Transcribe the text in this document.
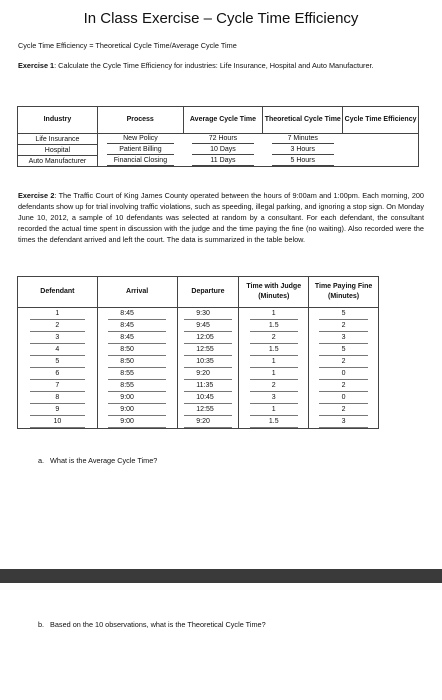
In Class Exercise – Cycle Time Efficiency
Cycle Time Efficiency = Theoretical Cycle Time/Average Cycle Time
Exercise 1: Calculate the Cycle Time Efficiency for industries: Life Insurance, Hospital and Auto Manufacturer.
Industry	Process	Average Cycle Time	Theoretical Cycle Time	Cycle Time Efficiency
Life Insurance	New Policy	72 Hours	7 Minutes	
Hospital	Patient Billing	10 Days	3 Hours	
Auto Manufacturer	Financial Closing	11 Days	5 Hours	
Exercise 2: The Traffic Court of King James County operated between the hours of 9:00am and 1:00pm. Each morning, 200 defendants show up for trial involving traffic violations, such as speeding, illegal parking, and ignoring a stop sign. On Monday June 10, 2012, a sample of 10 defendants was selected at random by a consultant. For each defendant, the consultant recorded the actual time spent in discussion with the judge and the time paying the fine (no waiting). Also recorded were the times the defendant arrived and left the court. The data is summarized in the table below.
Defendant	Arrival	Departure	Time with Judge (Minutes)	Time Paying Fine (Minutes)
1	8:45	9:30	1	5
2	8:45	9:45	1.5	2
3	8:45	12:05	2	3
4	8:50	12:55	1.5	5
5	8:50	10:35	1	2
6	8:55	9:20	1	0
7	8:55	11:35	2	2
8	9:00	10:45	3	0
9	9:00	12:55	1	2
10	9:00	9:20	1.5	3
a. What is the Average Cycle Time?
b. Based on the 10 observations, what is the Theoretical Cycle Time?
